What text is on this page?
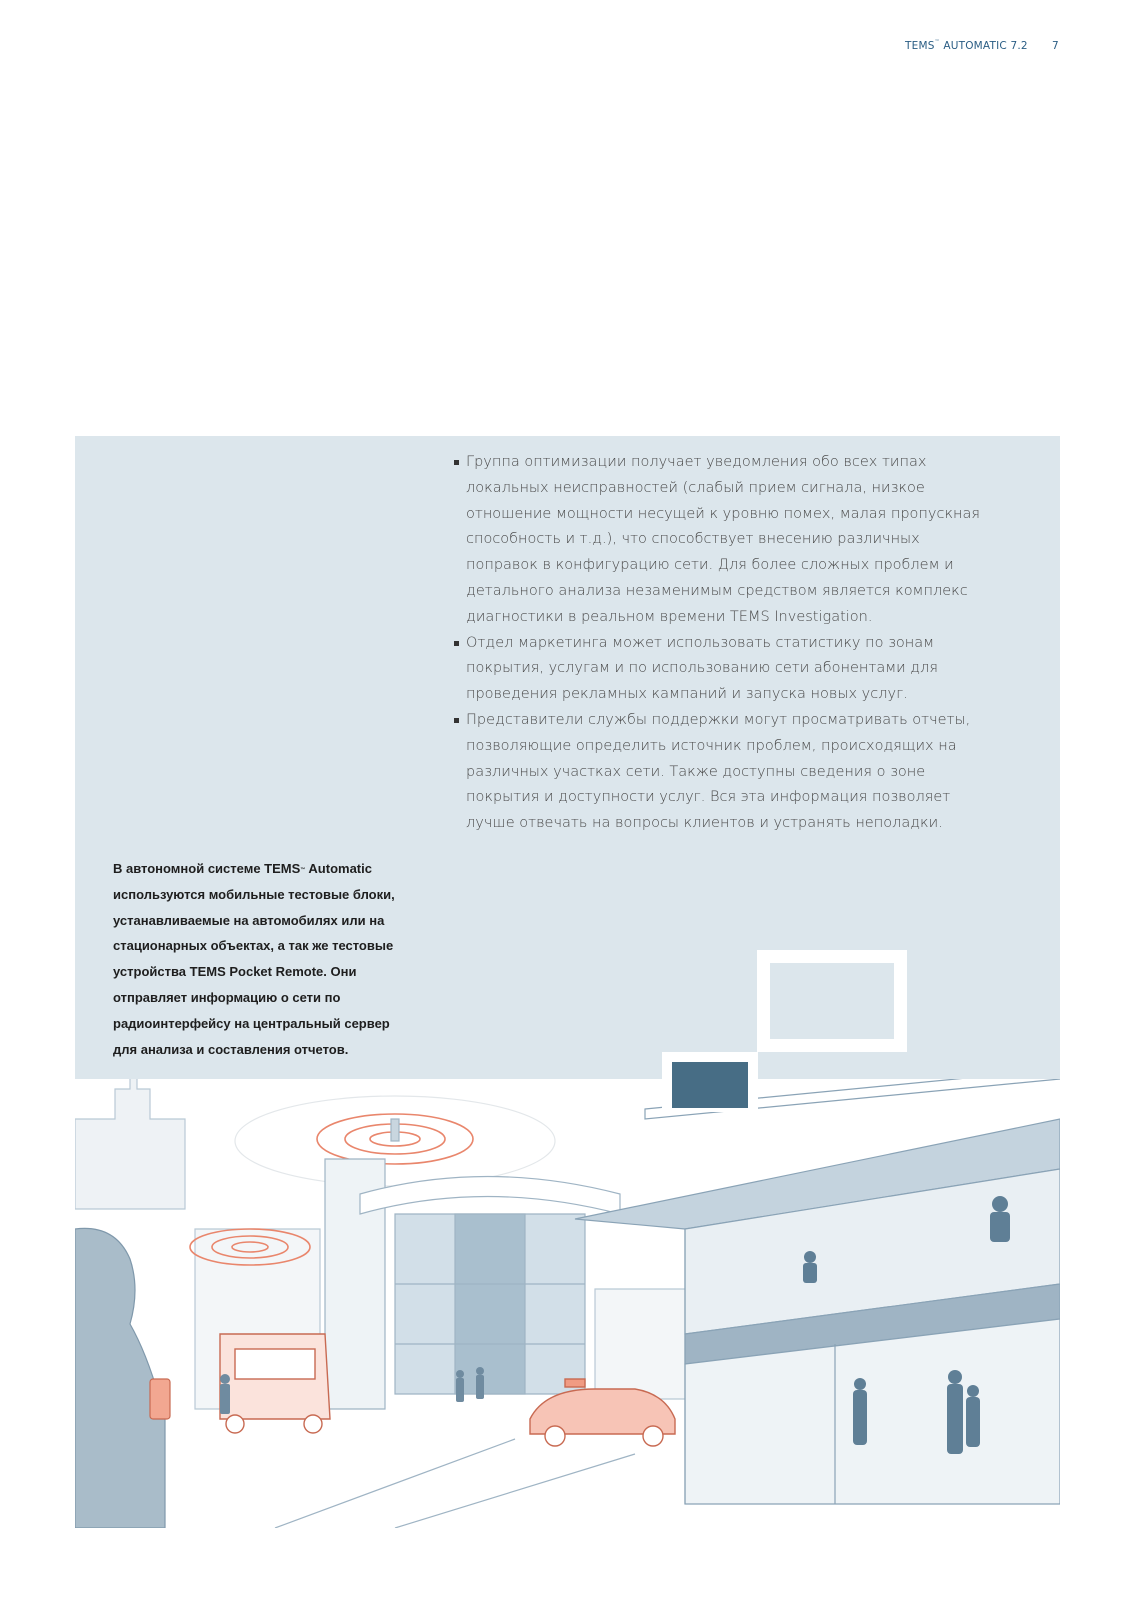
TEMS™ AUTOMATIC 7.2 7
Группа оптимизации получает уведомления обо всех типах локальных неисправностей (слабый прием сигнала, низкое отношение мощности несущей к уровню помех, малая пропускная способность и т.д.), что способствует внесению различных поправок в конфигурацию сети. Для более сложных проблем и детального анализа незаменимым средством является комплекс диагностики в реальном времени TEMS Investigation.
Отдел маркетинга может использовать статистику по зонам покрытия, услугам и по использованию сети абонентами для проведения рекламных кампаний и запуска новых услуг.
Представители службы поддержки могут просматривать отчеты, позволяющие определить источник проблем, происходящих на различных участках сети. Также доступны сведения о зоне покрытия и доступности услуг. Вся эта информация позволяет лучше отвечать на вопросы клиентов и устранять неполадки.
В автономной системе TEMS™ Automatic используются мобильные тестовые блоки, устанавливаемые на автомобилях или на стационарных объектах, а так же тестовые устройства TEMS Pocket Remote. Они отправляет информацию о сети по радиоинтерфейсу на центральный сервер для анализа и составления отчетов.
